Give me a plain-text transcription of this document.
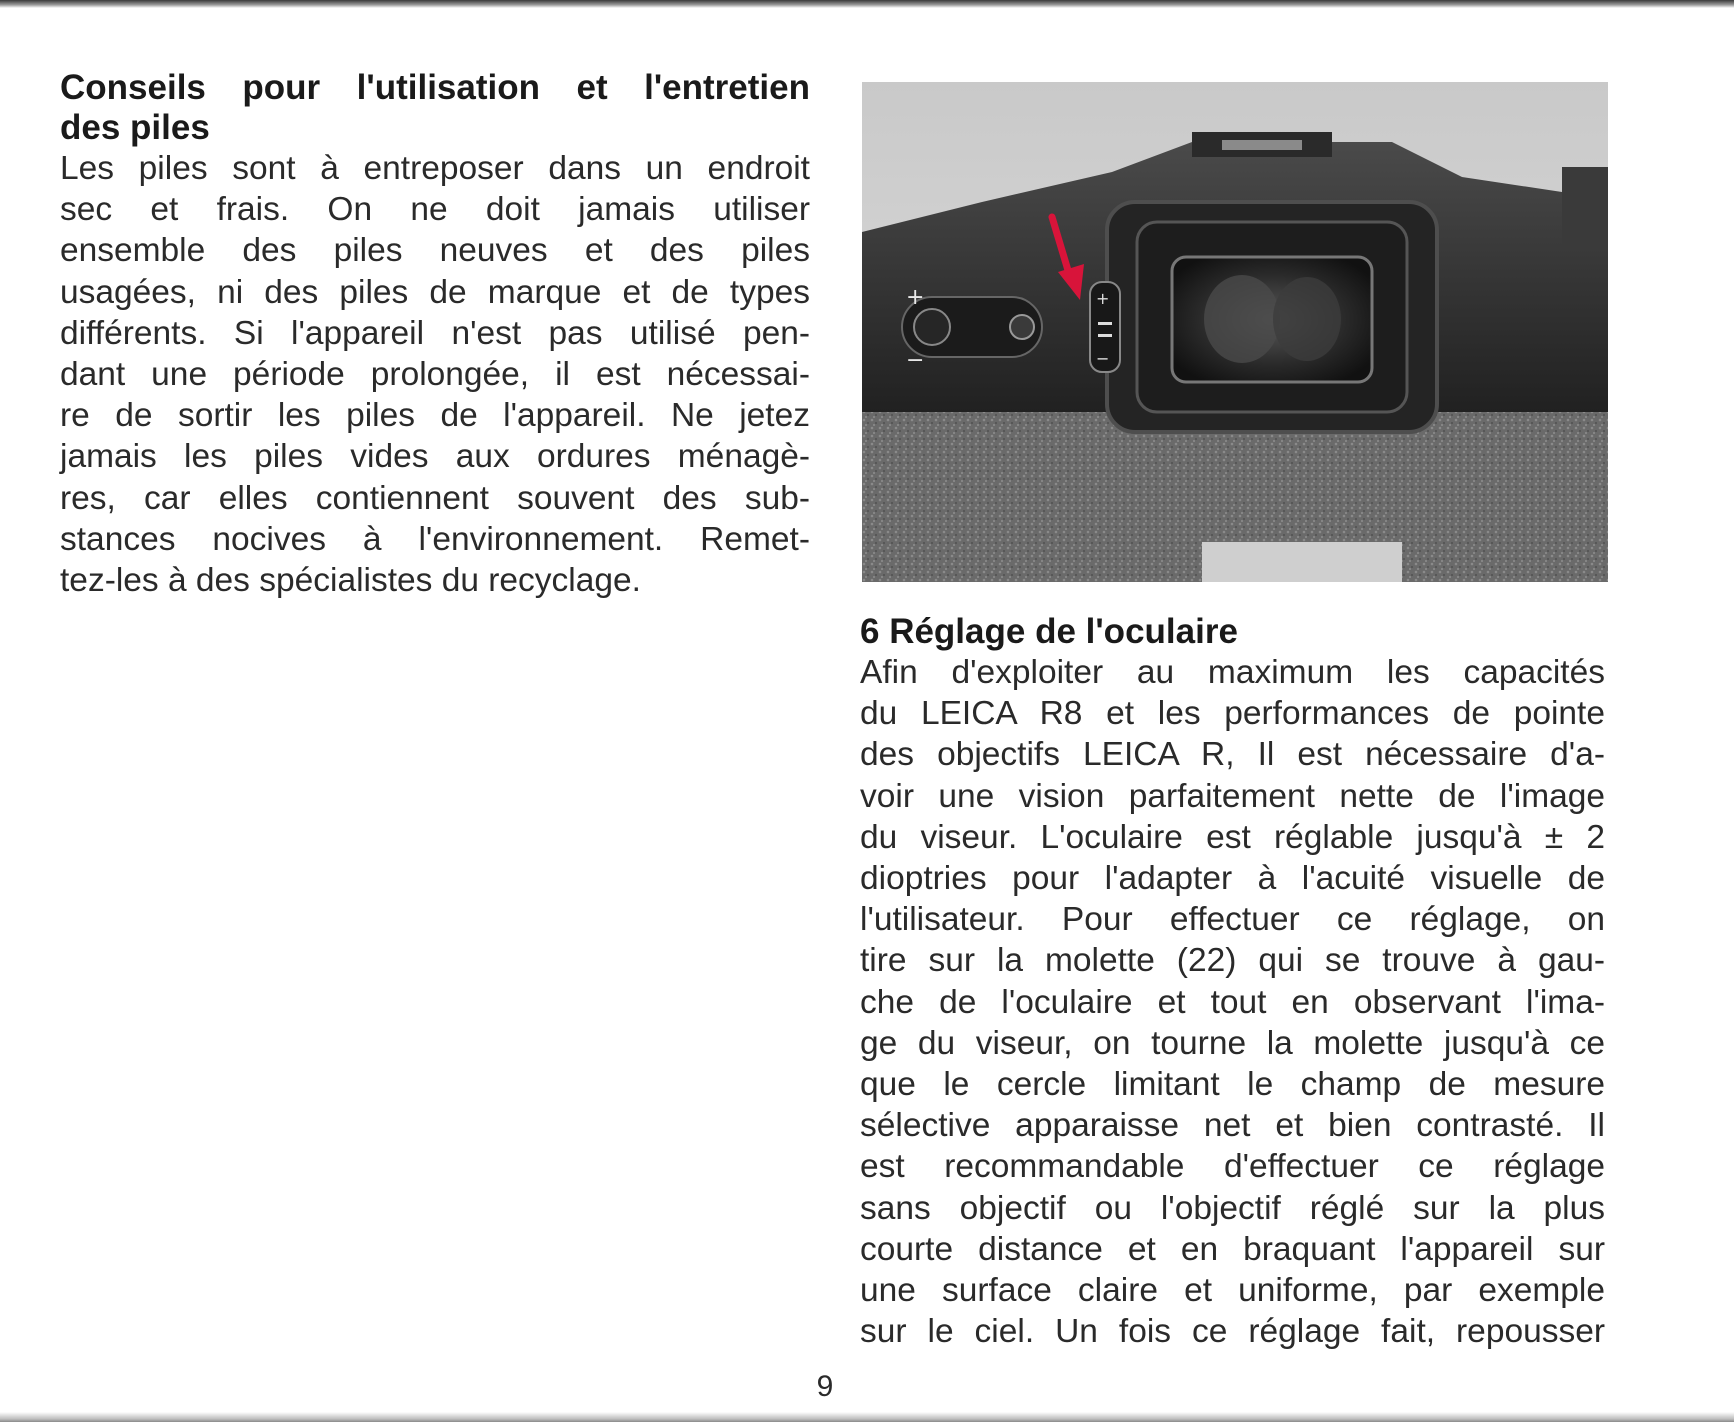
Conseils pour l'utilisation et l'entretien
des piles

Les piles sont à entreposer dans un endroit
sec et frais. On ne doit jamais utiliser
ensemble des piles neuves et des piles
usagées, ni des piles de marque et de types
différents. Si l'appareil n'est pas utilisé pen-
dant une période prolongée, il est nécessai-
re de sortir les piles de l'appareil. Ne jetez
jamais les piles vides aux ordures ménagè-
res, car elles contiennent souvent des sub-
stances nocives à l'environnement. Remet-
tez-les à des spécialistes du recyclage.

+
−
+
−
6 Réglage de l'oculaire

Afin d'exploiter au maximum les capacités
du LEICA R8 et les performances de pointe
des objectifs LEICA R, Il est nécessaire d'a-
voir une vision parfaitement nette de l'image
du viseur. L'oculaire est réglable jusqu'à ± 2
dioptries pour l'adapter à l'acuité visuelle de
l'utilisateur. Pour effectuer ce réglage, on
tire sur la molette (22) qui se trouve à gau-
che de l'oculaire et tout en observant l'ima-
ge du viseur, on tourne la molette jusqu'à ce
que le cercle limitant le champ de mesure
sélective apparaisse net et bien contrasté. Il
est recommandable d'effectuer ce réglage
sans objectif ou l'objectif réglé sur la plus
courte distance et en braquant l'appareil sur
une surface claire et uniforme, par exemple
sur le ciel. Un fois ce réglage fait, repousser

9
